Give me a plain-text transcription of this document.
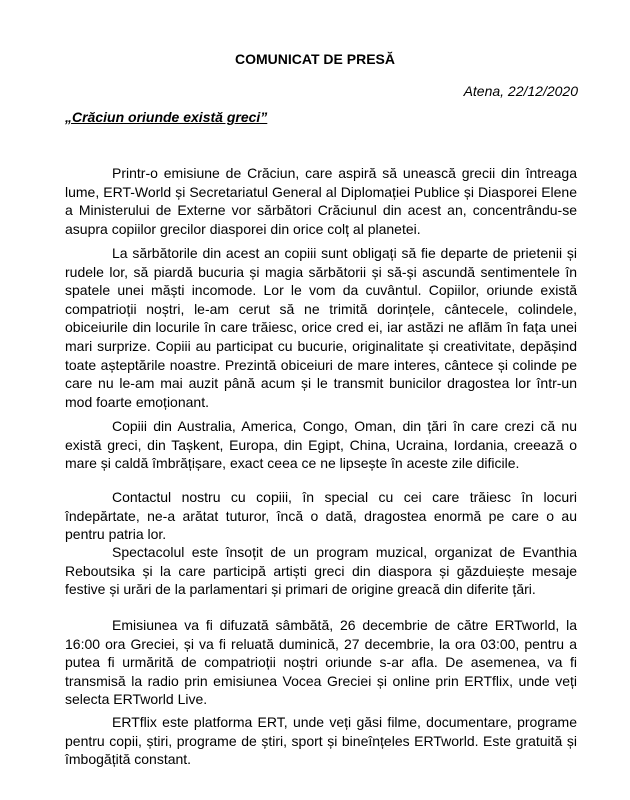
COMUNICAT DE PRESĂ
Atena, 22/12/2020
„Crăciun oriunde există greci”

Printr-o emisiune de Crăciun, care aspiră să unească grecii din întreaga lume, ERT-World și Secretariatul General al Diplomației Publice și Diasporei Elene a Ministerului de Externe vor sărbători Crăciunul din acest an, concentrându-se asupra copiilor grecilor diasporei din orice colț al planetei.

La sărbătorile din acest an copiii sunt obligați să fie departe de prietenii și rudele lor, să piardă bucuria și magia sărbătorii și să-și ascundă sentimentele în spatele unei măști incomode. Lor le vom da cuvântul. Copiilor, oriunde există compatrioții noștri, le-am cerut să ne trimită dorințele, cântecele, colindele, obiceiurile din locurile în care trăiesc, orice cred ei, iar astăzi ne aflăm în fața unei mari surprize. Copiii au participat cu bucurie, originalitate și creativitate, depășind toate așteptările noastre. Prezintă obiceiuri de mare interes, cântece și colinde pe care nu le-am mai auzit până acum și le transmit bunicilor dragostea lor într-un mod foarte emoționant.

Copiii din Australia, America, Congo, Oman, din țări în care crezi că nu există greci, din Tașkent, Europa, din Egipt, China, Ucraina, Iordania, creează o mare și caldă îmbrățișare, exact ceea ce ne lipsește în aceste zile dificile.

Contactul nostru cu copiii, în special cu cei care trăiesc în locuri îndepărtate, ne-a arătat tuturor, încă o dată, dragostea enormă pe care o au pentru patria lor.

Spectacolul este însoțit de un program muzical, organizat de Evanthia Reboutsika și la care participă artiști greci din diaspora și găzduiește mesaje festive și urări de la parlamentari și primari de origine greacă din diferite țări.

Emisiunea va fi difuzată sâmbătă, 26 decembrie de către ERTworld, la 16:00 ora Greciei, și va fi reluată duminică, 27 decembrie, la ora 03:00, pentru a putea fi urmărită de compatrioții noștri oriunde s-ar afla. De asemenea, va fi transmisă la radio prin emisiunea Vocea Greciei și online prin ERTflix, unde veți selecta ERTworld Live.

ERTflix este platforma ERT, unde veți găsi filme, documentare, programe pentru copii, știri, programe de știri, sport și bineînțeles ERTworld. Este gratuită și îmbogățită constant.
